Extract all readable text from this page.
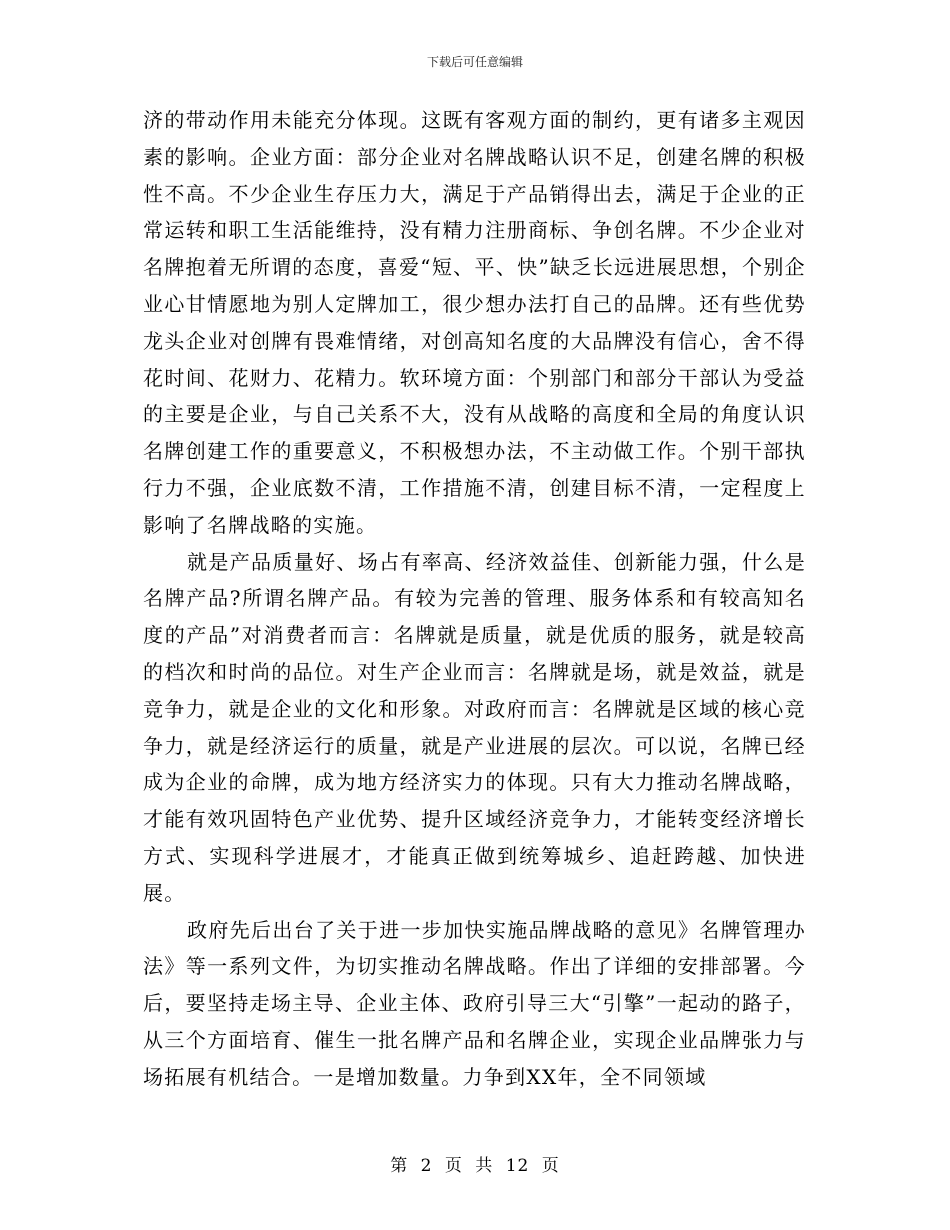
下载后可任意编辑

济的带动作用未能充分体现。这既有客观方面的制约，更有诸多主观因素的影响。企业方面：部分企业对名牌战略认识不足，创建名牌的积极性不高。不少企业生存压力大，满足于产品销得出去，满足于企业的正常运转和职工生活能维持，没有精力注册商标、争创名牌。不少企业对名牌抱着无所谓的态度，喜爱“短、平、快”缺乏长远进展思想，个别企业心甘情愿地为别人定牌加工，很少想办法打自己的品牌。还有些优势龙头企业对创牌有畏难情绪，对创高知名度的大品牌没有信心，舍不得花时间、花财力、花精力。软环境方面：个别部门和部分干部认为受益的主要是企业，与自己关系不大，没有从战略的高度和全局的角度认识名牌创建工作的重要意义，不积极想办法，不主动做工作。个别干部执行力不强，企业底数不清，工作措施不清，创建目标不清，一定程度上影响了名牌战略的实施。

就是产品质量好、场占有率高、经济效益佳、创新能力强，什么是名牌产品?所谓名牌产品。有较为完善的管理、服务体系和有较高知名度的产品”对消费者而言：名牌就是质量，就是优质的服务，就是较高的档次和时尚的品位。对生产企业而言：名牌就是场，就是效益，就是竞争力，就是企业的文化和形象。对政府而言：名牌就是区域的核心竞争力，就是经济运行的质量，就是产业进展的层次。可以说，名牌已经成为企业的命牌，成为地方经济实力的体现。只有大力推动名牌战略，才能有效巩固特色产业优势、提升区域经济竞争力，才能转变经济增长方式、实现科学进展才，才能真正做到统筹城乡、追赶跨越、加快进展。

政府先后出台了关于进一步加快实施品牌战略的意见》名牌管理办法》等一系列文件，为切实推动名牌战略。作出了详细的安排部署。今后，要坚持走场主导、企业主体、政府引导三大“引擎”一起动的路子，从三个方面培育、催生一批名牌产品和名牌企业，实现企业品牌张力与场拓展有机结合。一是增加数量。力争到XX年，全不同领域

第 2 页 共 12 页
